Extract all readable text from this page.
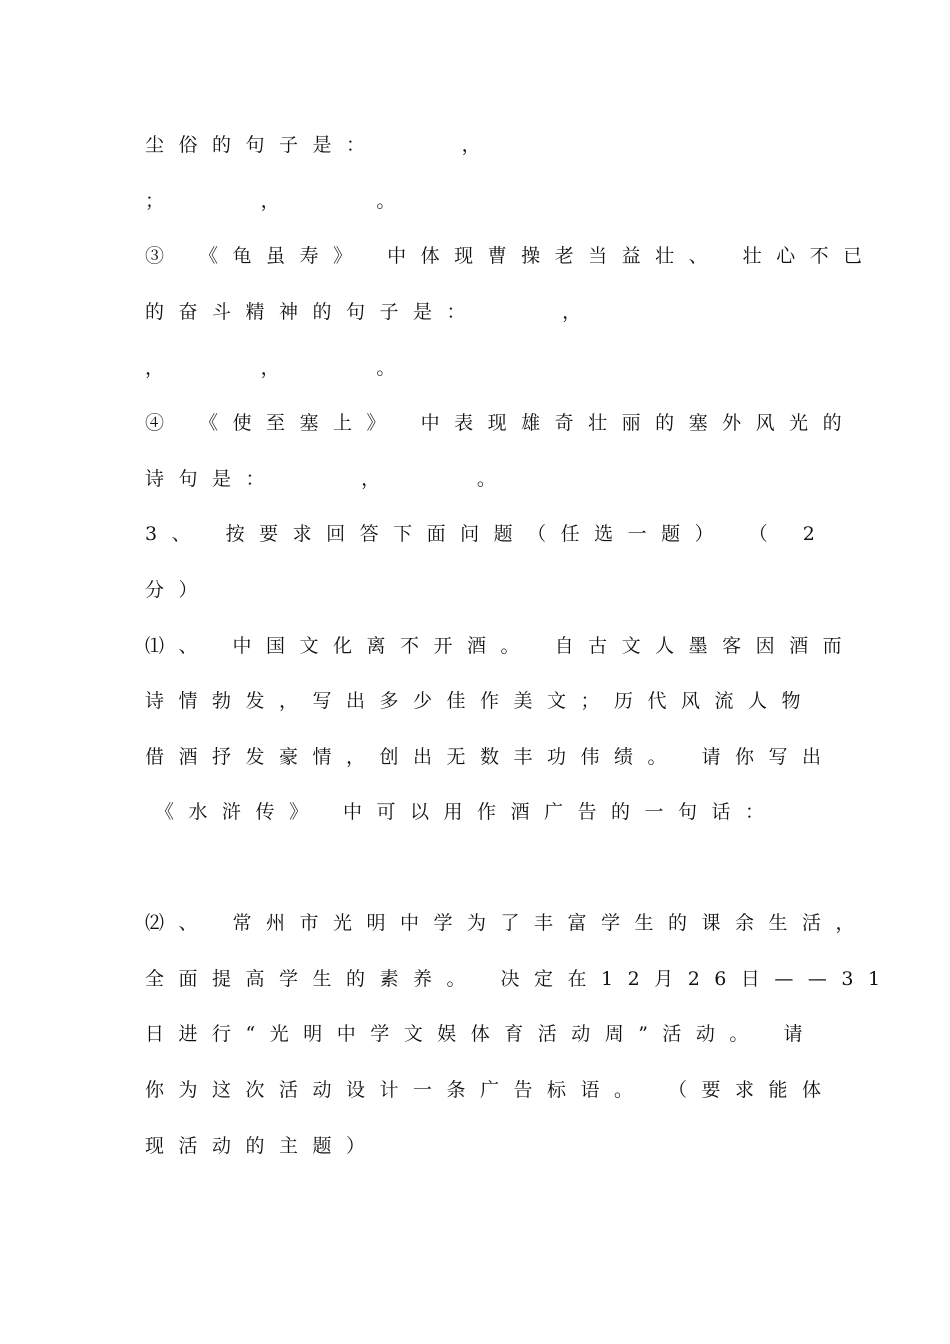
尘俗的句子是：    ，
；    ，    。
③ 《龟虽寿》 中体现曹操老当益壮、 壮心不已
的奋斗精神的句子是：    ，
，    ，    。
④ 《使至塞上》 中表现雄奇壮丽的塞外风光的
诗句是：    ，    。
3、 按要求回答下面问题（任选一题） （ 2
分）
⑴、 中国文化离不开酒。 自古文人墨客因酒而
诗情勃发，写出多少佳作美文；历代风流人物
借酒抒发豪情，创出无数丰功伟绩。 请你写出
《水浒传》 中可以用作酒广告的一句话：
⑵、 常州市光明中学为了丰富学生的课余生活，
全面提高学生的素养。 决定在12月26日——31
日进行“光明中学文娱体育活动周”活动。 请
你为这次活动设计一条广告标语。 （要求能体
现活动的主题）
